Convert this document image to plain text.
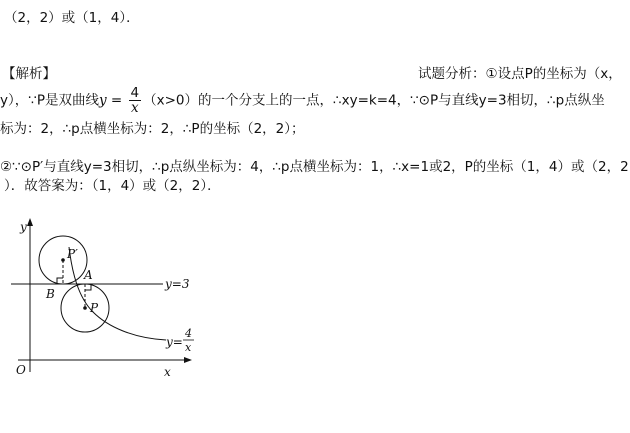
（2，2）或（1，4）．
【解析】	试题分析：①设点P的坐标为（x，
y），∵P是双曲线$y = \frac{4}{x} (x>0)$的一个分支上的一点，∴xy=k=4，∵⊙P与直线y=3相切，∴p点纵坐
标为：2，∴p点横坐标为：2，∴P的坐标（2，2）；
②∵⊙P′与直线y=3相切，∴p点纵坐标为：4，∴p点横坐标为：1，∴x=1或2，P的坐标（1，4）或（2，2
）．故答案为：（1，4）或（2，2）．
y
x
O
P′
P
A
B
y=3
y=
4
x
